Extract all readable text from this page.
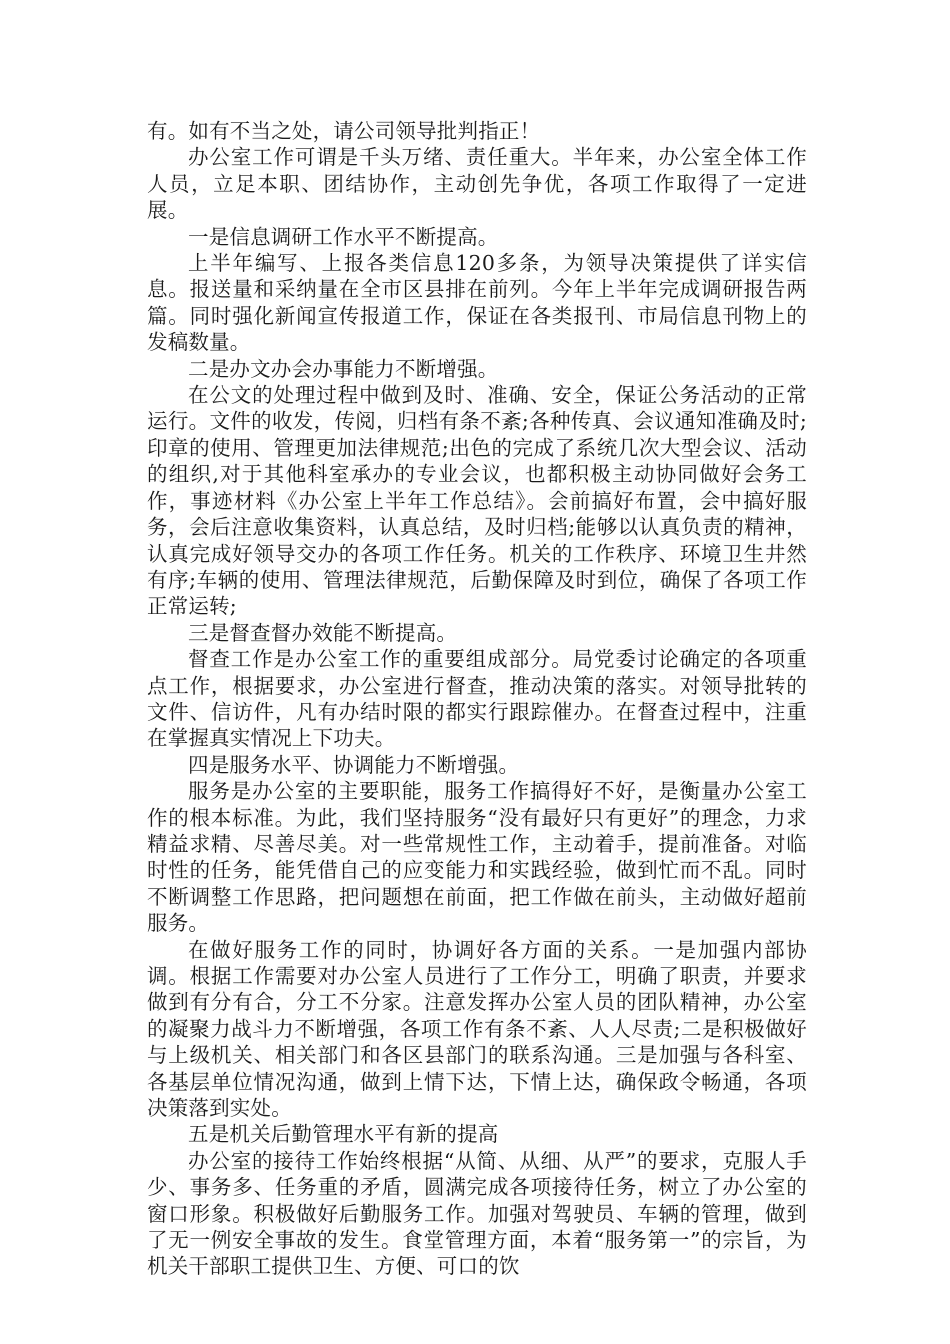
有。如有不当之处，请公司领导批判指正！

办公室工作可谓是千头万绪、责任重大。半年来，办公室全体工作人员，立足本职、团结协作，主动创先争优，各项工作取得了一定进展。

一是信息调研工作水平不断提高。

上半年编写、上报各类信息120多条，为领导决策提供了详实信息。报送量和采纳量在全市区县排在前列。今年上半年完成调研报告两篇。同时强化新闻宣传报道工作，保证在各类报刊、市局信息刊物上的发稿数量。

二是办文办会办事能力不断增强。

在公文的处理过程中做到及时、准确、安全，保证公务活动的正常运行。文件的收发，传阅，归档有条不紊;各种传真、会议通知准确及时;印章的使用、管理更加法律规范;出色的完成了系统几次大型会议、活动的组织,对于其他科室承办的专业会议，也都积极主动协同做好会务工作，事迹材料《办公室上半年工作总结》。会前搞好布置，会中搞好服务，会后注意收集资料，认真总结，及时归档;能够以认真负责的精神，认真完成好领导交办的各项工作任务。机关的工作秩序、环境卫生井然有序;车辆的使用、管理法律规范，后勤保障及时到位，确保了各项工作正常运转;

三是督查督办效能不断提高。

督查工作是办公室工作的重要组成部分。局党委讨论确定的各项重点工作，根据要求，办公室进行督查，推动决策的落实。对领导批转的文件、信访件，凡有办结时限的都实行跟踪催办。在督查过程中，注重在掌握真实情况上下功夫。

四是服务水平、协调能力不断增强。

服务是办公室的主要职能，服务工作搞得好不好，是衡量办公室工作的根本标准。为此，我们坚持服务“没有最好只有更好”的理念，力求精益求精、尽善尽美。对一些常规性工作，主动着手，提前准备。对临时性的任务，能凭借自己的应变能力和实践经验，做到忙而不乱。同时不断调整工作思路，把问题想在前面，把工作做在前头，主动做好超前服务。

在做好服务工作的同时，协调好各方面的关系。一是加强内部协调。根据工作需要对办公室人员进行了工作分工，明确了职责，并要求做到有分有合，分工不分家。注意发挥办公室人员的团队精神，办公室的凝聚力战斗力不断增强，各项工作有条不紊、人人尽责;二是积极做好与上级机关、相关部门和各区县部门的联系沟通。三是加强与各科室、各基层单位情况沟通，做到上情下达，下情上达，确保政令畅通，各项决策落到实处。

五是机关后勤管理水平有新的提高

办公室的接待工作始终根据“从简、从细、从严”的要求，克服人手少、事务多、任务重的矛盾，圆满完成各项接待任务，树立了办公室的窗口形象。积极做好后勤服务工作。加强对驾驶员、车辆的管理，做到了无一例安全事故的发生。食堂管理方面，本着“服务第一”的宗旨，为机关干部职工提供卫生、方便、可口的饮
